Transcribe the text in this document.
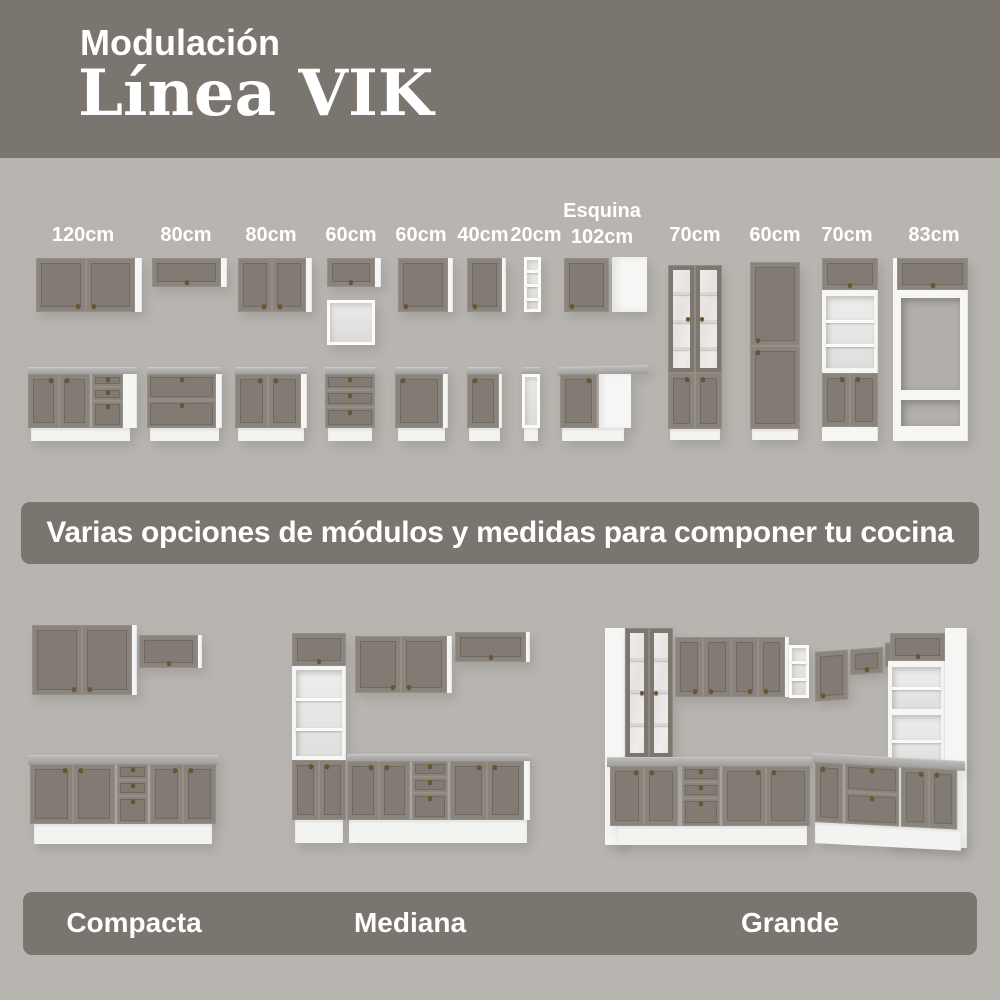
Modulación
Línea VIK
120cm 80cm 80cm 60cm 60cm 40cm 20cm
Esquina
102cm	70cm 60cm 70cm 83cm
Varias opciones de módulos y medidas para componer tu cocina
Compacta	Mediana	Grande
